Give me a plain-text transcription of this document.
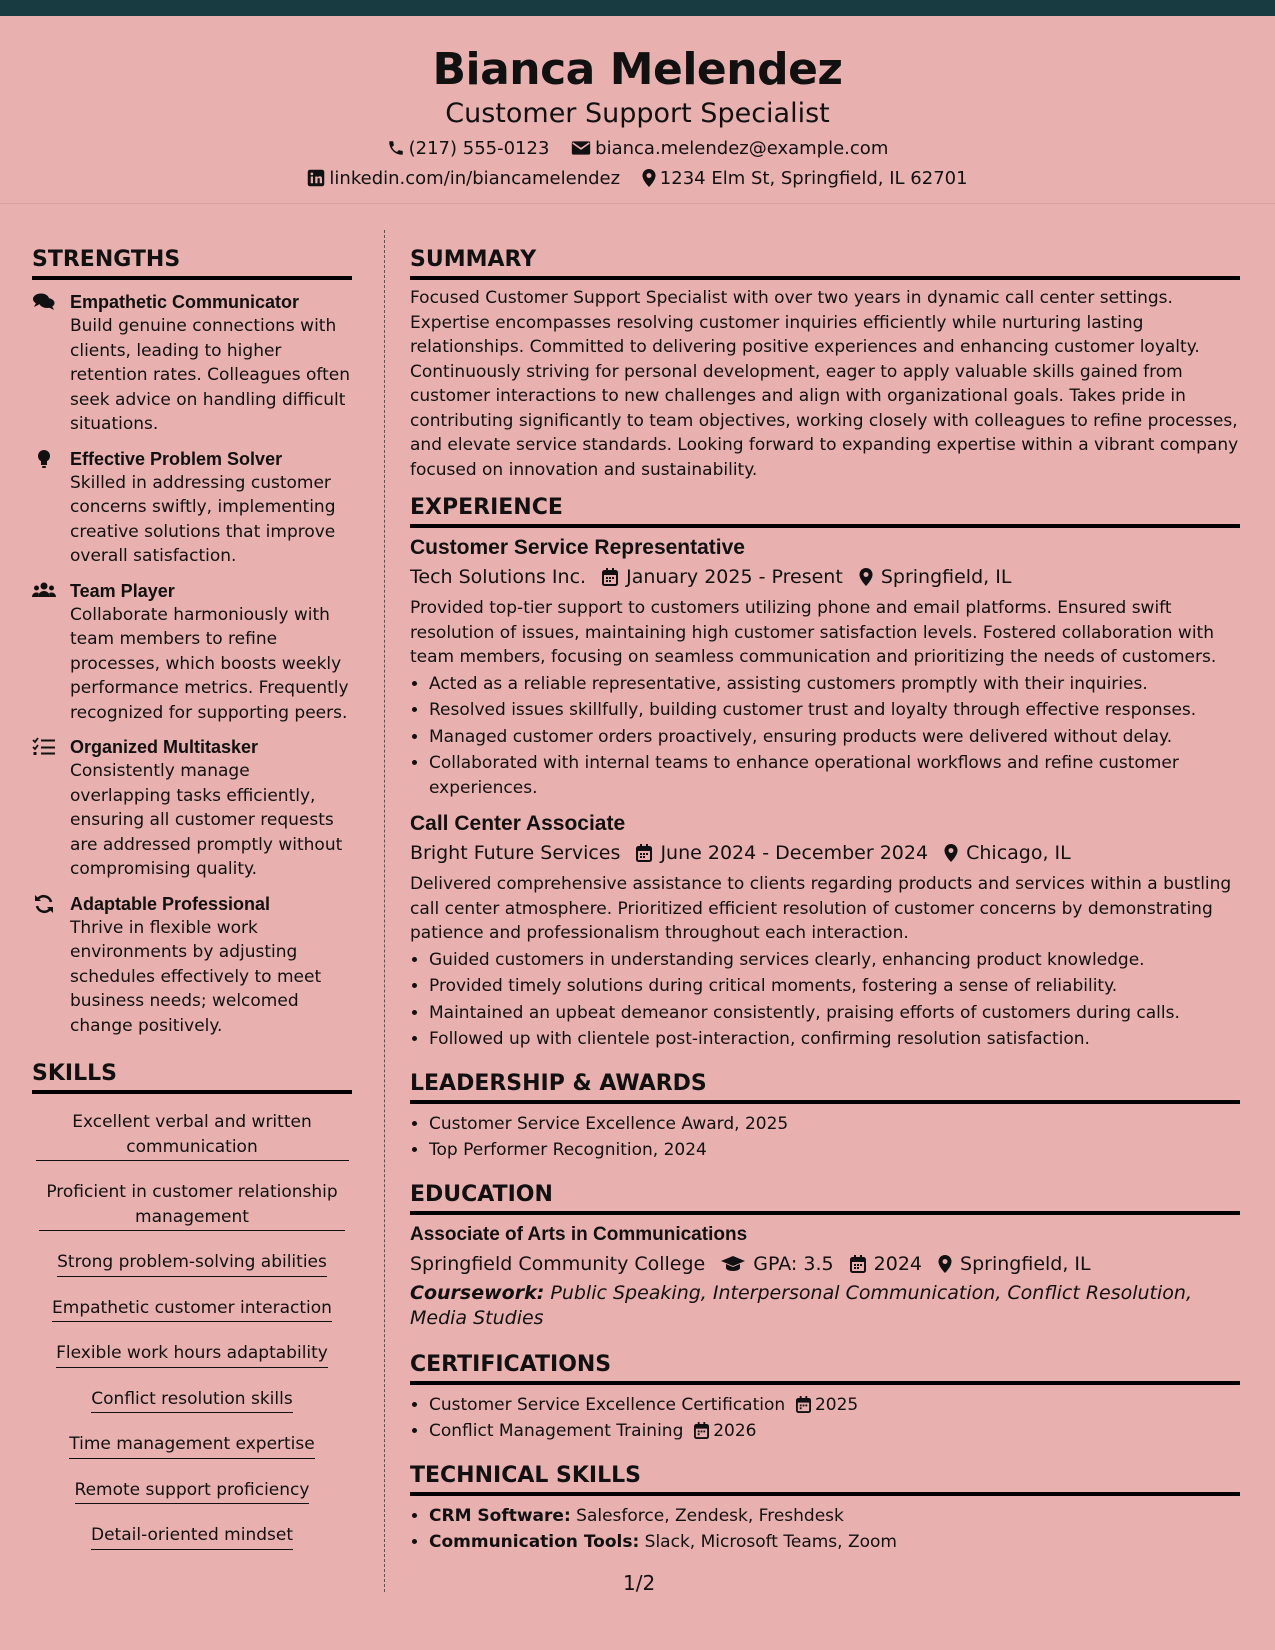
Bianca Melendez
Customer Support Specialist
(217) 555-0123	bianca.melendez@example.com
linkedin.com/in/biancamelendez 1234 Elm St, Springfield, IL 62701
STRENGTHS
Empathetic Communicator
Build genuine connections with clients, leading to higher retention rates. Colleagues often seek advice on handling difficult situations.
Effective Problem Solver
Skilled in addressing customer concerns swiftly, implementing creative solutions that improve overall satisfaction.
Team Player
Collaborate harmoniously with team members to refine processes, which boosts weekly performance metrics. Frequently recognized for supporting peers.
Organized Multitasker
Consistently manage overlapping tasks efficiently, ensuring all customer requests are addressed promptly without compromising quality.
Adaptable Professional
Thrive in flexible work environments by adjusting schedules effectively to meet business needs; welcomed change positively.
SKILLS
Excellent verbal and written communication
Proficient in customer relationship management
Strong problem-solving abilities
Empathetic customer interaction
Flexible work hours adaptability
Conflict resolution skills
Time management expertise
Remote support proficiency
Detail-oriented mindset
SUMMARY
Focused Customer Support Specialist with over two years in dynamic call center settings. Expertise encompasses resolving customer inquiries efficiently while nurturing lasting relationships. Committed to delivering positive experiences and enhancing customer loyalty. Continuously striving for personal development, eager to apply valuable skills gained from customer interactions to new challenges and align with organizational goals. Takes pride in contributing significantly to team objectives, working closely with colleagues to refine processes, and elevate service standards. Looking forward to expanding expertise within a vibrant company focused on innovation and sustainability.
EXPERIENCE
Customer Service Representative
Tech Solutions Inc. January 2025 - Present Springfield, IL
Provided top-tier support to customers utilizing phone and email platforms. Ensured swift resolution of issues, maintaining high customer satisfaction levels. Fostered collaboration with team members, focusing on seamless communication and prioritizing the needs of customers.
• Acted as a reliable representative, assisting customers promptly with their inquiries.
• Resolved issues skillfully, building customer trust and loyalty through effective responses.
• Managed customer orders proactively, ensuring products were delivered without delay.
• Collaborated with internal teams to enhance operational workflows and refine customer experiences.
Call Center Associate
Bright Future Services June 2024 - December 2024 Chicago, IL
Delivered comprehensive assistance to clients regarding products and services within a bustling call center atmosphere. Prioritized efficient resolution of customer concerns by demonstrating patience and professionalism throughout each interaction.
• Guided customers in understanding services clearly, enhancing product knowledge.
• Provided timely solutions during critical moments, fostering a sense of reliability.
• Maintained an upbeat demeanor consistently, praising efforts of customers during calls.
• Followed up with clientele post-interaction, confirming resolution satisfaction.
LEADERSHIP & AWARDS
• Customer Service Excellence Award, 2025
• Top Performer Recognition, 2024
EDUCATION
Associate of Arts in Communications
Springfield Community College	GPA: 3.5 2024 Springfield, IL
Coursework: Public Speaking, Interpersonal Communication, Conflict Resolution, Media Studies
CERTIFICATIONS
• Customer Service Excellence Certification 2025
• Conflict Management Training 2026
TECHNICAL SKILLS
• CRM Software: Salesforce, Zendesk, Freshdesk
• Communication Tools: Slack, Microsoft Teams, Zoom
1/2
